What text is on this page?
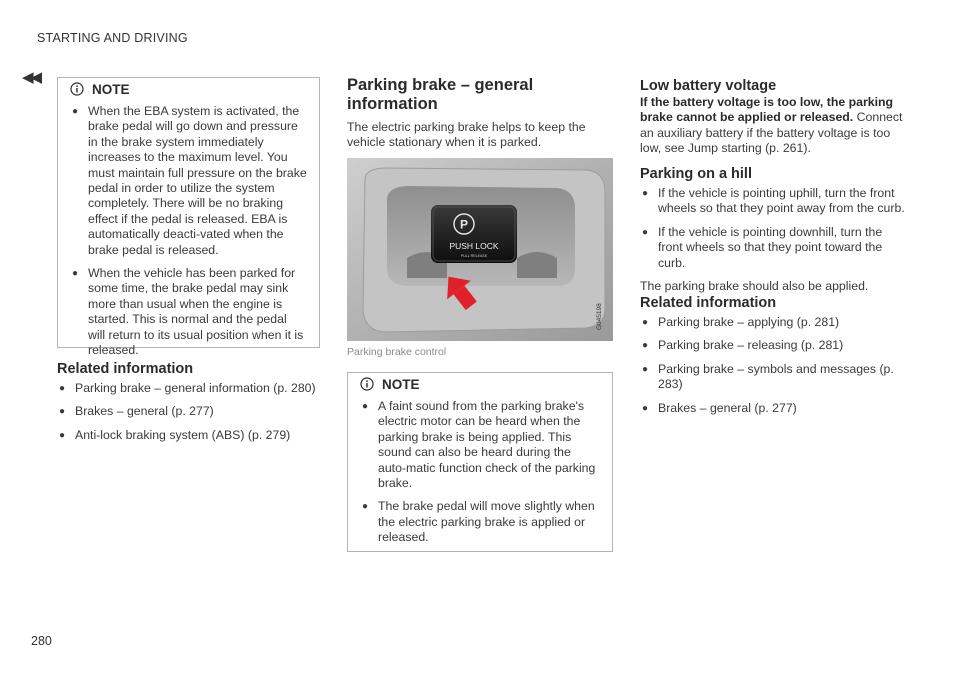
STARTING AND DRIVING
◀◀
NOTE
● When the EBA system is activated, the brake pedal will go down and pressure in the brake system immediately increases to the maximum level. You must maintain full pressure on the brake pedal in order to utilize the system completely. There will be no braking effect if the pedal is released. EBA is automatically deacti-vated when the brake pedal is released.
● When the vehicle has been parked for some time, the brake pedal may sink more than usual when the engine is started. This is normal and the pedal will return to its usual position when it is released.
Related information
● Parking brake – general information (p. 280)
● Brakes – general (p. 277)
● Anti-lock braking system (ABS) (p. 279)
Parking brake – general information

The electric parking brake helps to keep the vehicle stationary when it is parked.

P
PUSH LOCK
PULL RELEASE
G045198
Parking brake control
NOTE
● A faint sound from the parking brake's electric motor can be heard when the parking brake is being applied. This sound can also be heard during the auto-matic function check of the parking brake.
● The brake pedal will move slightly when the electric parking brake is applied or released.
Low battery voltage

If the battery voltage is too low, the parking brake cannot be applied or released. Connect an auxiliary battery if the battery voltage is too low, see Jump starting (p. 261).

Parking on a hill
● If the vehicle is pointing uphill, turn the front wheels so that they point away from the curb.
● If the vehicle is pointing downhill, turn the front wheels so that they point toward the curb.

The parking brake should also be applied.

Related information
● Parking brake – applying (p. 281)
● Parking brake – releasing (p. 281)
● Parking brake – symbols and messages (p. 283)
● Brakes – general (p. 277)
280
